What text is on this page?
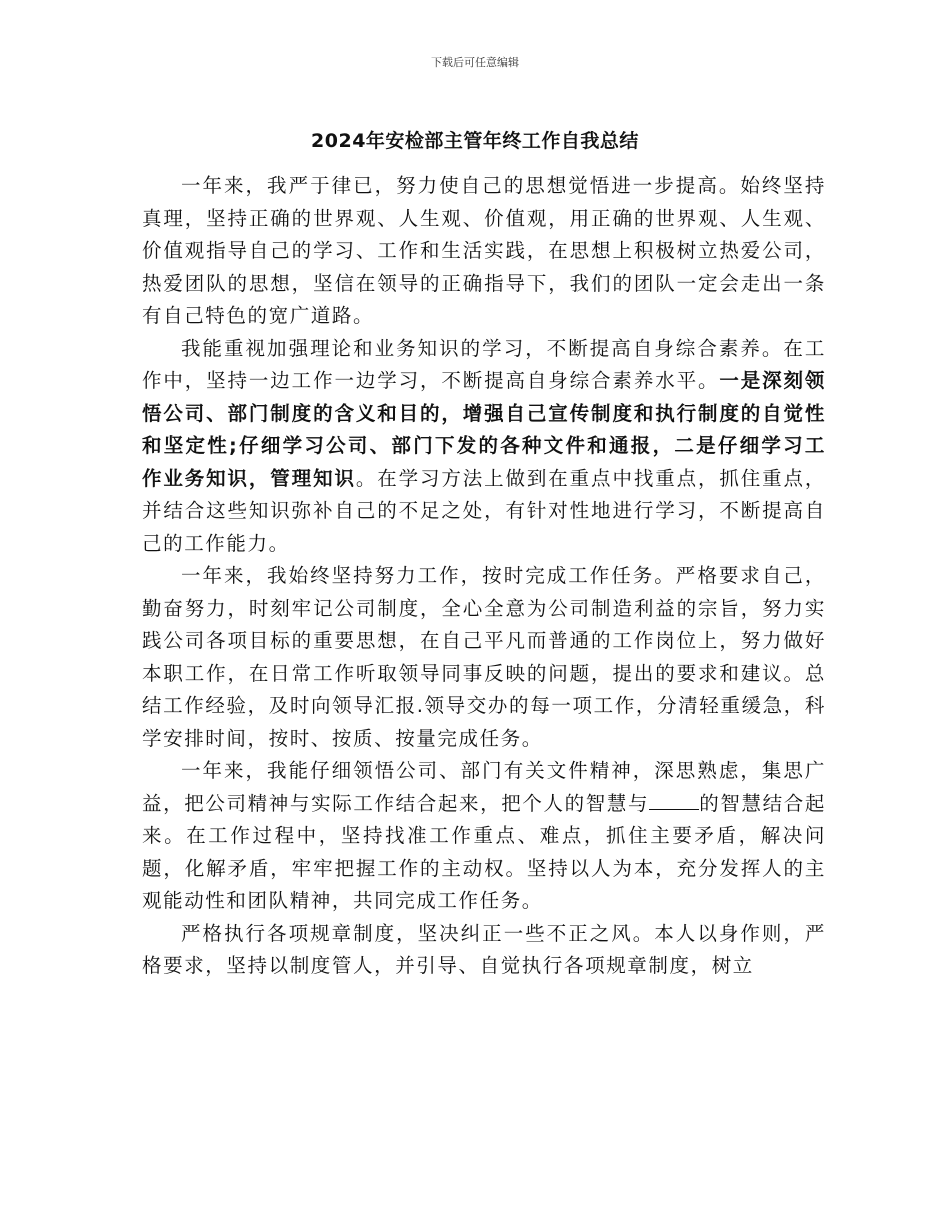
下载后可任意编辑
2024年安检部主管年终工作自我总结

一年来，我严于律已，努力使自己的思想觉悟进一步提高。始终坚持真理，坚持正确的世界观、人生观、价值观，用正确的世界观、人生观、价值观指导自己的学习、工作和生活实践，在思想上积极树立热爱公司，热爱团队的思想，坚信在领导的正确指导下，我们的团队一定会走出一条有自己特色的宽广道路。

我能重视加强理论和业务知识的学习，不断提高自身综合素养。在工作中，坚持一边工作一边学习，不断提高自身综合素养水平。一是深刻领悟公司、部门制度的含义和目的，增强自己宣传制度和执行制度的自觉性和坚定性;仔细学习公司、部门下发的各种文件和通报，二是仔细学习工作业务知识，管理知识。在学习方法上做到在重点中找重点，抓住重点，并结合这些知识弥补自己的不足之处，有针对性地进行学习，不断提高自己的工作能力。

一年来，我始终坚持努力工作，按时完成工作任务。严格要求自己，勤奋努力，时刻牢记公司制度，全心全意为公司制造利益的宗旨，努力实践公司各项目标的重要思想，在自己平凡而普通的工作岗位上，努力做好本职工作，在日常工作听取领导同事反映的问题，提出的要求和建议。总结工作经验，及时向领导汇报.领导交办的每一项工作，分清轻重缓急，科学安排时间，按时、按质、按量完成任务。

一年来，我能仔细领悟公司、部门有关文件精神，深思熟虑，集思广益，把公司精神与实际工作结合起来，把个人的智慧与	的智慧结合起来。在工作过程中，坚持找准工作重点、难点，抓住主要矛盾，解决问题，化解矛盾，牢牢把握工作的主动权。坚持以人为本，充分发挥人的主观能动性和团队精神，共同完成工作任务。

严格执行各项规章制度，坚决纠正一些不正之风。本人以身作则，严格要求，坚持以制度管人，并引导、自觉执行各项规章制度，树立
